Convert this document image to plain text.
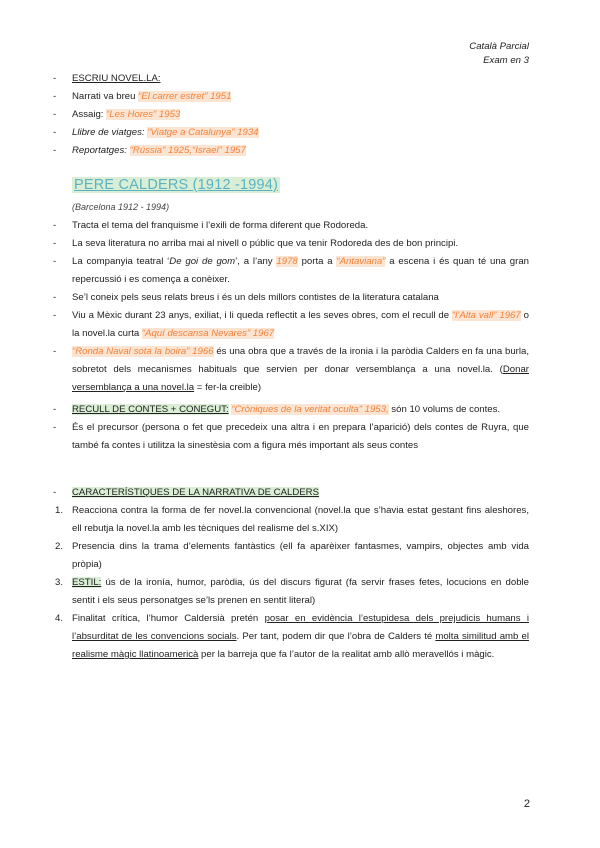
Català Parcial
Exam en 3
- ESCRIU NOVEL.LA:
- Narrati va breu “El carrer estret” 1951
- Assaig: “Les Hores” 1953
- Llibre de viatges: “Viatge a Catalunya” 1934
- Reportatges: “Rússia” 1925,“Israel” 1957
PERE CALDERS (1912 -1994)
(Barcelona 1912 - 1994)
- Tracta el tema del franquisme i l’exili de forma diferent que Rodoreda.
- La seva literatura no arriba mai al nivell o públic que va tenir Rodoreda des de bon principi.
- La companyia teatral ‘De goi de gom’, a l’any 1978 porta a “Antaviana” a escena i és quan té una gran repercussió i es comença a conèixer.
- Se’l coneix pels seus relats breus i és un dels millors contistes de la literatura catalana
- Viu a Mèxic durant 23 anys, exiliat, i li queda reflectit a les seves obres, com el recull de “l’Alta vall” 1967 o la novel.la curta “Aquí descansa Nevares” 1967
- “Ronda Naval sota la boira” 1966 és una obra que a través de la ironia i la paròdia Calders en fa una burla, sobretot dels mecanismes habituals que servien per donar versemblança a una novel.la. (Donar versemblança a una novel.la = fer-la creible)
- RECULL DE CONTES + CONEGUT: “Cròniques de la veritat oculta” 1953, són 10 volums de contes.
- És el precursor (persona o fet que precedeix una altra i en prepara l’aparició) dels contes de Ruyra, que també fa contes i utilitza la sinestèsia com a figura més important als seus contes
- CARACTERÍSTIQUES DE LA NARRATIVA DE CALDERS
1. Reacciona contra la forma de fer novel.la convencional (novel.la que s’havia estat gestant fins aleshores, ell rebutja la novel.la amb les tècniques del realisme del s.XIX)
2. Presencia dins la trama d’elements fantàstics (ell fa aparèixer fantasmes, vampirs, objectes amb vida pròpia)
3. ESTIL: ús de la ironía, humor, paròdia, ús del discurs figurat (fa servir frases fetes, locucions en doble sentit i els seus personatges se’ls prenen en sentit literal)
4. Finalitat crítica, l’humor Caldersià pretén posar en evidència l’estupidesa dels prejudicis humans i l’absurditat de les convencions socials. Per tant, podem dir que l’obra de Calders té molta similitud amb el realisme màgic llatinoamericà per la barreja que fa l’autor de la realitat amb allò meravellós i màgic.
2
